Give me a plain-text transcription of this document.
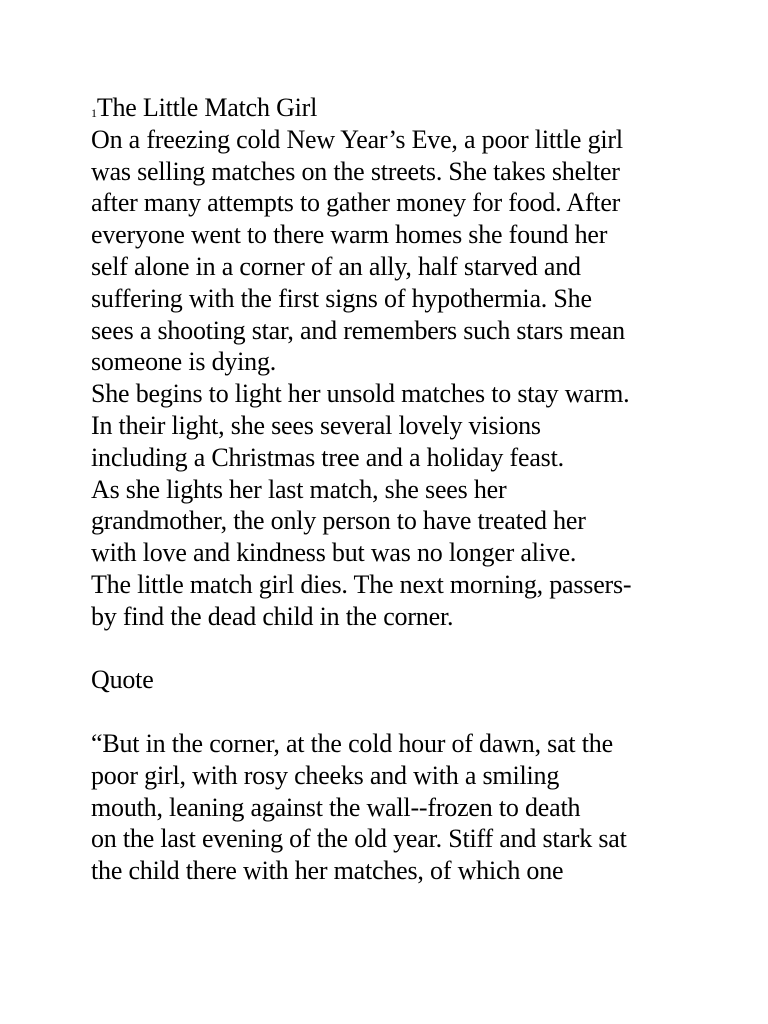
1The Little Match Girl
On a freezing cold New Year’s Eve, a poor little girl
was selling matches on the streets. She takes shelter
after many attempts to gather money for food. After
everyone went to there warm homes she found her
self alone in a corner of an ally, half starved and
suffering with the first signs of hypothermia. She
sees a shooting star, and remembers such stars mean
someone is dying.
She begins to light her unsold matches to stay warm.
In their light, she sees several lovely visions
including a Christmas tree and a holiday feast.
As she lights her last match, she sees her
grandmother, the only person to have treated her
with love and kindness but was no longer alive.
The little match girl dies. The next morning, passers-
by find the dead child in the corner.
Quote
“But in the corner, at the cold hour of dawn, sat the
poor girl, with rosy cheeks and with a smiling
mouth, leaning against the wall--frozen to death
on the last evening of the old year. Stiff and stark sat
the child there with her matches, of which one
